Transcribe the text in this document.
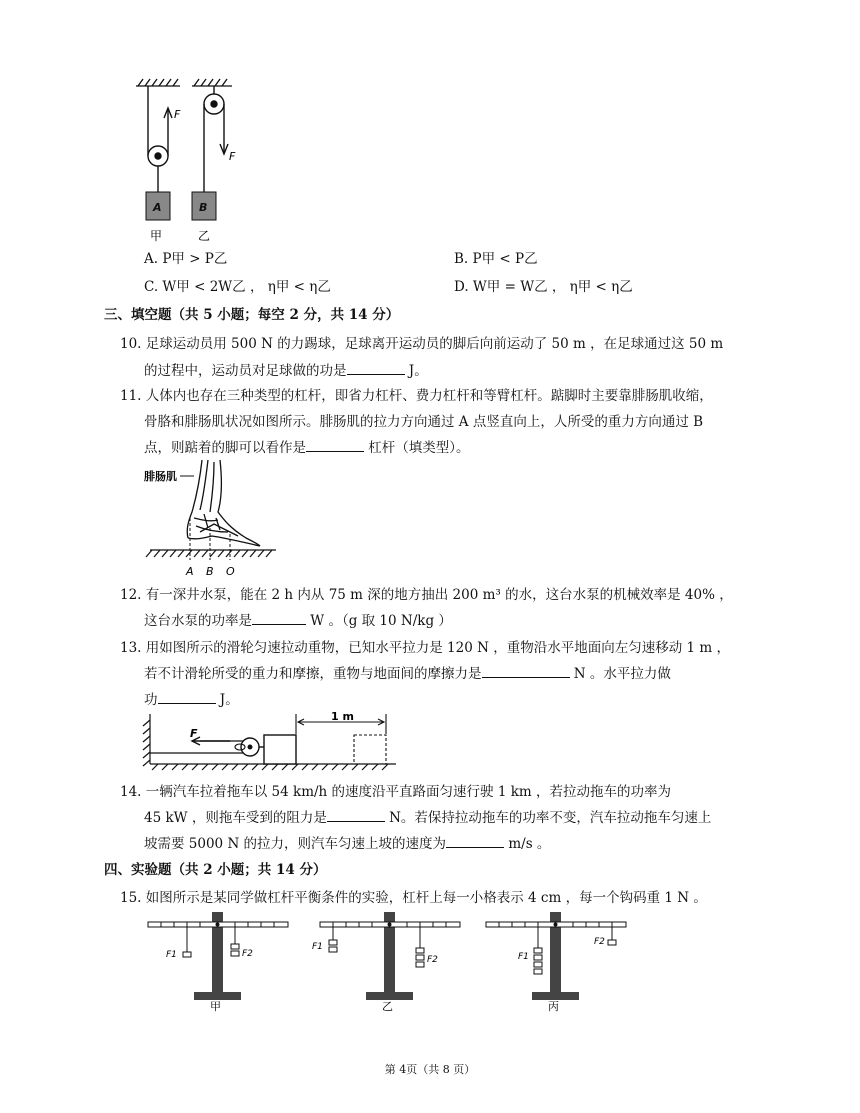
F
A
F
B
甲	乙
A. P甲 > P乙	B. P甲 < P乙
C. W甲 < 2W乙 ， η甲 < η乙	D. W甲 = W乙 ， η甲 < η乙
三、填空题（共 5 小题；每空 2 分，共 14 分）
10. 足球运动员用 500 N 的力踢球，足球离开运动员的脚后向前运动了 50 m ，在足球通过这 50 m
的过程中，运动员对足球做的功是	J。
11. 人体内也存在三种类型的杠杆，即省力杠杆、费力杠杆和等臂杠杆。踮脚时主要靠腓肠肌收缩，
骨胳和腓肠肌状况如图所示。腓肠肌的拉力方向通过 A 点竖直向上，人所受的重力方向通过 B
点，则踮着的脚可以看作是	杠杆（填类型）。
腓肠肌
A B O
12. 有一深井水泵，能在 2 h 内从 75 m 深的地方抽出 200 m³ 的水，这台水泵的机械效率是 40% ，
这台水泵的功率是	W 。（g 取 10 N/kg ）
13. 用如图所示的滑轮匀速拉动重物，已知水平拉力是 120 N ，重物沿水平地面向左匀速移动 1 m ，
若不计滑轮所受的重力和摩擦，重物与地面间的摩擦力是	N 。水平拉力做
功	J。
F
1 m
14. 一辆汽车拉着拖车以 54 km/h 的速度沿平直路面匀速行驶 1 km ，若拉动拖车的功率为
45 kW ，则拖车受到的阻力是	N。若保持拉动拖车的功率不变，汽车拉动拖车匀速上
坡需要 5000 N 的拉力，则汽车匀速上坡的速度为	m/s 。
四、实验题（共 2 小题；共 14 分）
15. 如图所示是某同学做杠杆平衡条件的实验，杠杆上每一小格表示 4 cm ，每一个钩码重 1 N 。
F1	F2
甲
F1
F2
乙
F1
F2
丙
第 4页（共 8 页）
